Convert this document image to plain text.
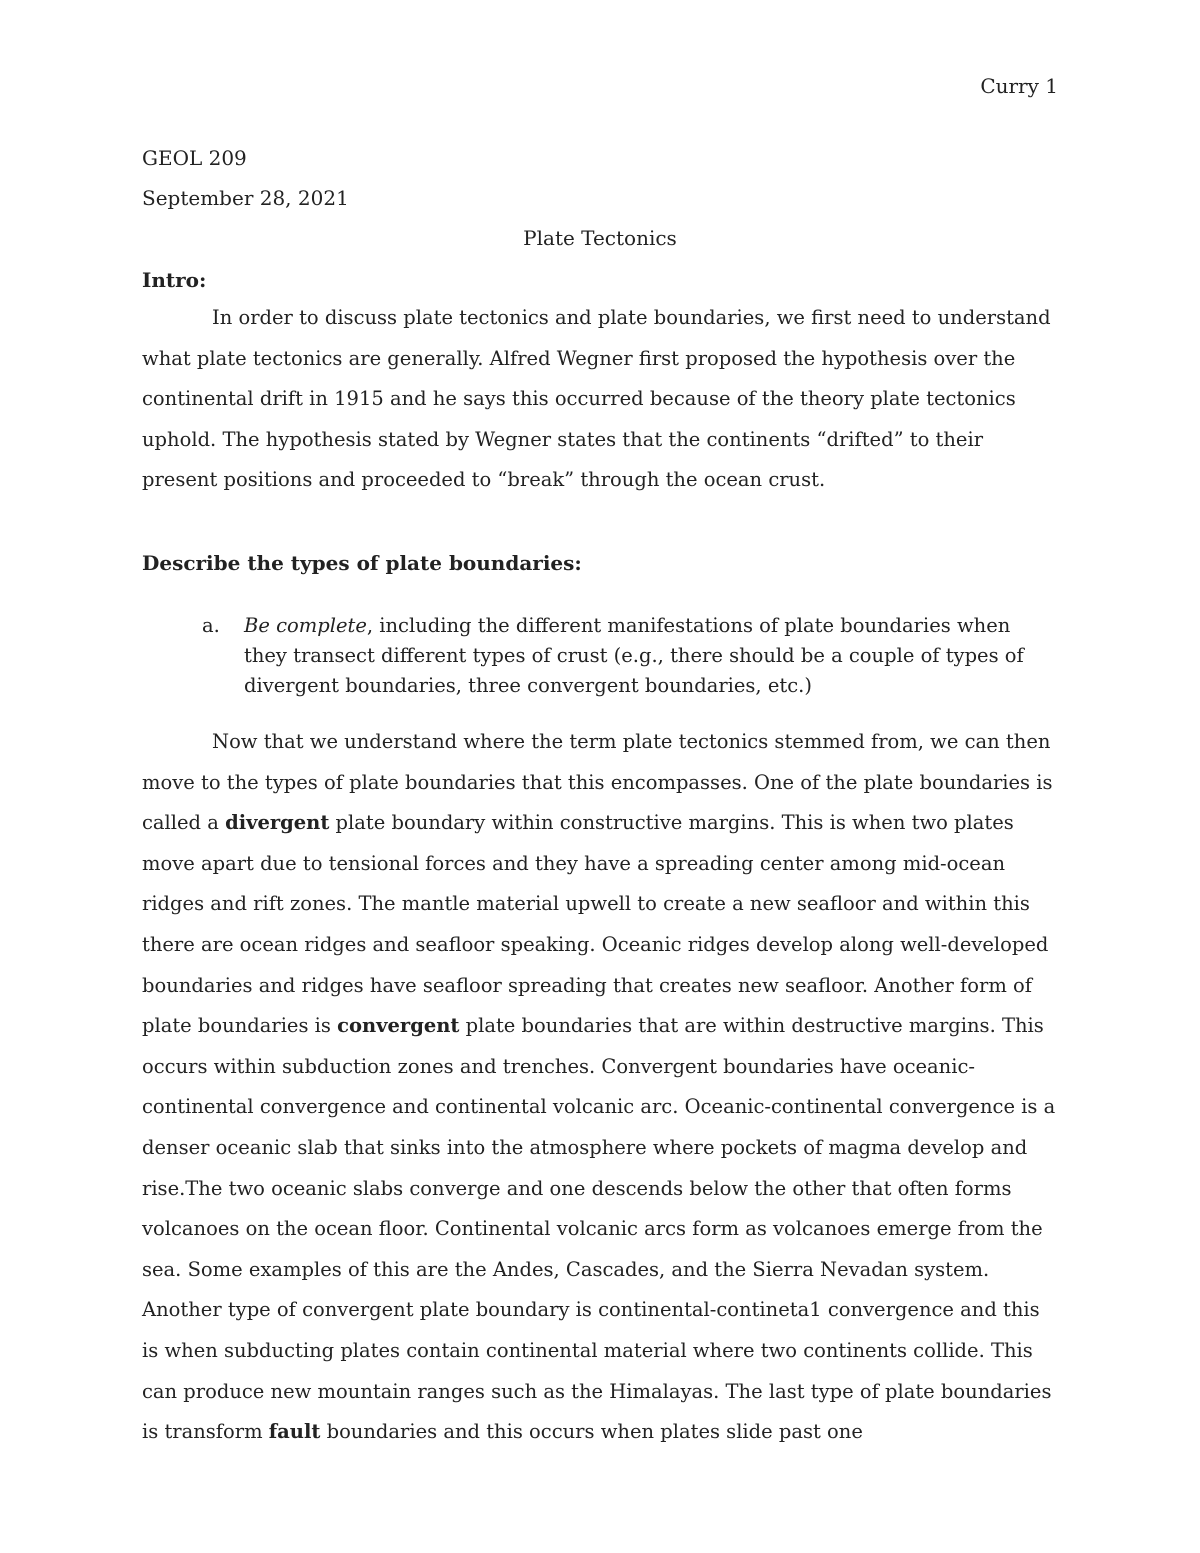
Curry 1
GEOL 209
September 28, 2021
Plate Tectonics
Intro:

In order to discuss plate tectonics and plate boundaries, we first need to understand what plate tectonics are generally. Alfred Wegner first proposed the hypothesis over the continental drift in 1915 and he says this occurred because of the theory plate tectonics uphold. The hypothesis stated by Wegner states that the continents “drifted” to their present positions and proceeded to “break” through the ocean crust.

Describe the types of plate boundaries:
a. Be complete, including the different manifestations of plate boundaries when they transect different types of crust (e.g., there should be a couple of types of divergent boundaries, three convergent boundaries, etc.)

Now that we understand where the term plate tectonics stemmed from, we can then move to the types of plate boundaries that this encompasses. One of the plate boundaries is called a divergent plate boundary within constructive margins. This is when two plates move apart due to tensional forces and they have a spreading center among mid-ocean ridges and rift zones. The mantle material upwell to create a new seafloor and within this there are ocean ridges and seafloor speaking. Oceanic ridges develop along well-developed boundaries and ridges have seafloor spreading that creates new seafloor. Another form of plate boundaries is convergent plate boundaries that are within destructive margins. This occurs within subduction zones and trenches. Convergent boundaries have oceanic-continental convergence and continental volcanic arc. Oceanic-continental convergence is a denser oceanic slab that sinks into the atmosphere where pockets of magma develop and rise.The two oceanic slabs converge and one descends below the other that often forms volcanoes on the ocean floor. Continental volcanic arcs form as volcanoes emerge from the sea. Some examples of this are the Andes, Cascades, and the Sierra Nevadan system. Another type of convergent plate boundary is continental-contineta1 convergence and this is when subducting plates contain continental material where two continents collide. This can produce new mountain ranges such as the Himalayas. The last type of plate boundaries is transform fault boundaries and this occurs when plates slide past one
